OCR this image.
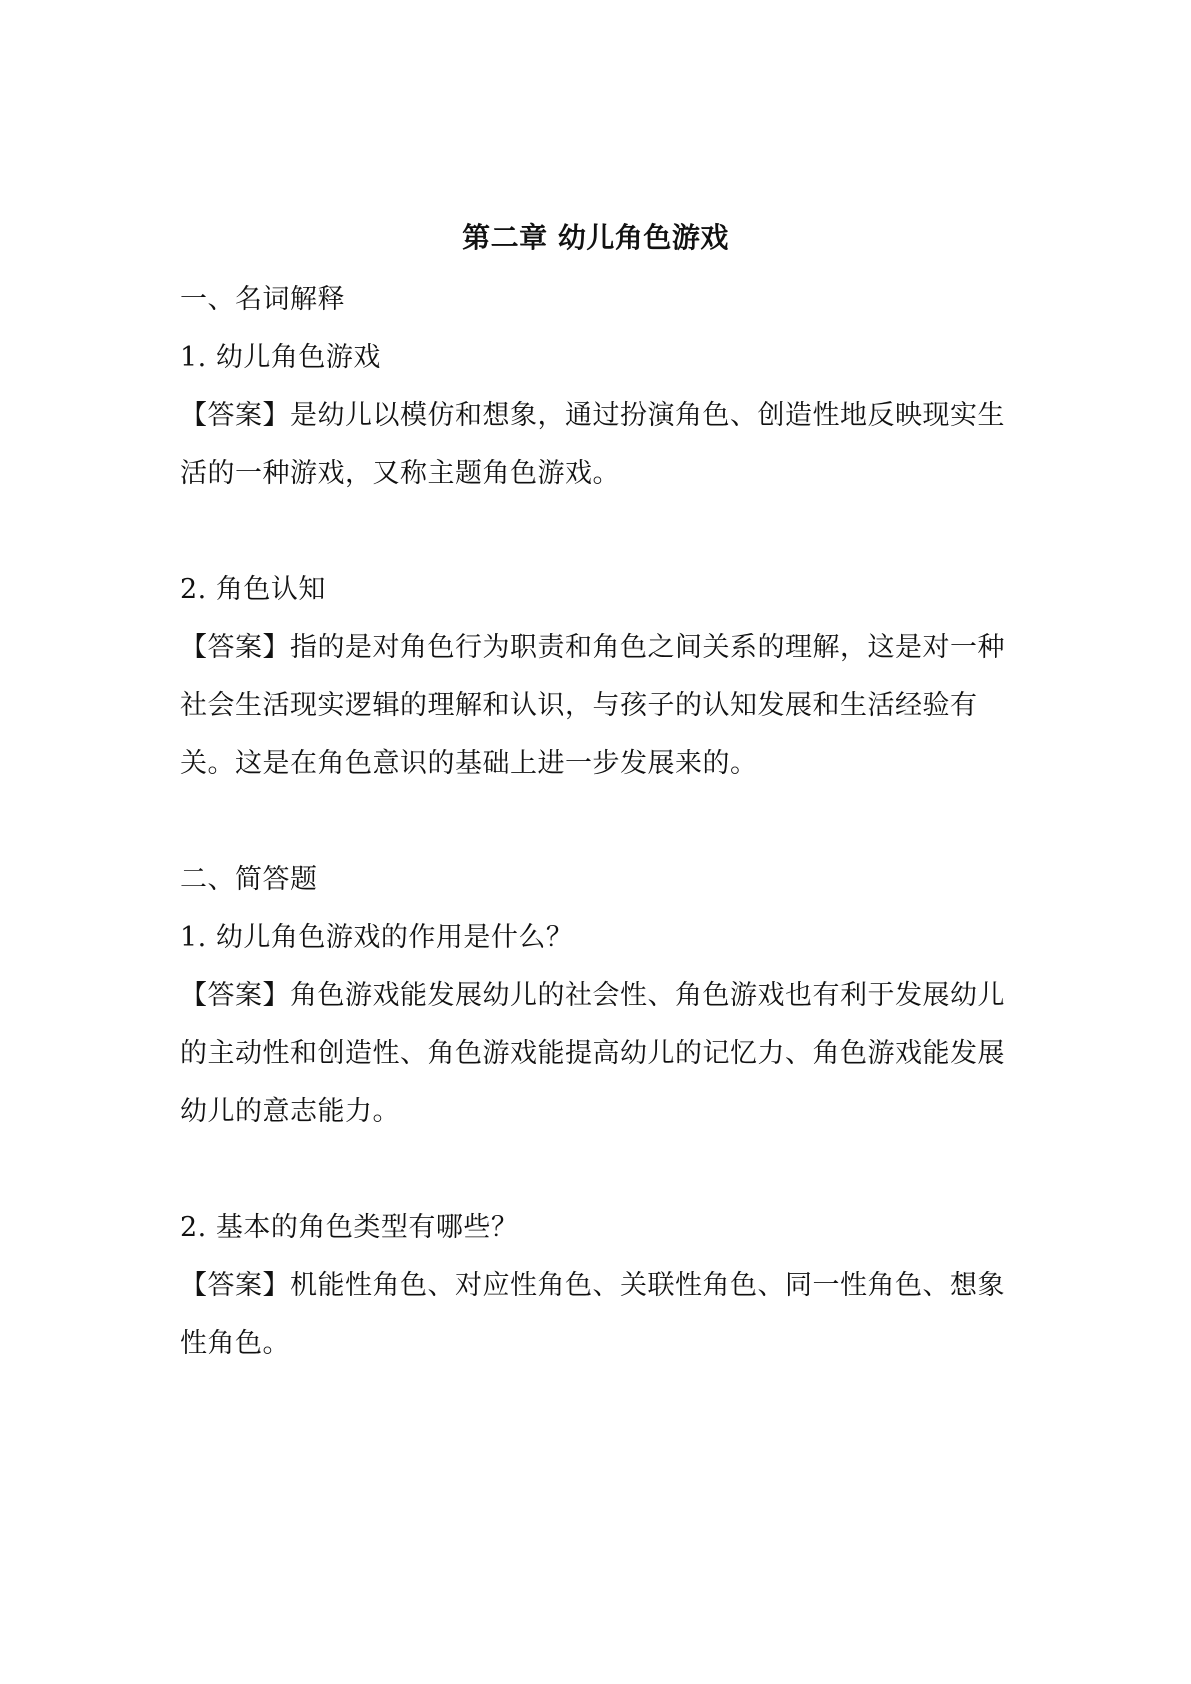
第二章 幼儿角色游戏
一、名词解释
1. 幼儿角色游戏
【答案】是幼儿以模仿和想象，通过扮演角色、创造性地反映现实生
活的一种游戏，又称主题角色游戏。
2. 角色认知
【答案】指的是对角色行为职责和角色之间关系的理解，这是对一种
社会生活现实逻辑的理解和认识，与孩子的认知发展和生活经验有
关。这是在角色意识的基础上进一步发展来的。
二、简答题
1. 幼儿角色游戏的作用是什么？
【答案】角色游戏能发展幼儿的社会性、角色游戏也有利于发展幼儿
的主动性和创造性、角色游戏能提高幼儿的记忆力、角色游戏能发展
幼儿的意志能力。
2. 基本的角色类型有哪些？
【答案】机能性角色、对应性角色、关联性角色、同一性角色、想象
性角色。
